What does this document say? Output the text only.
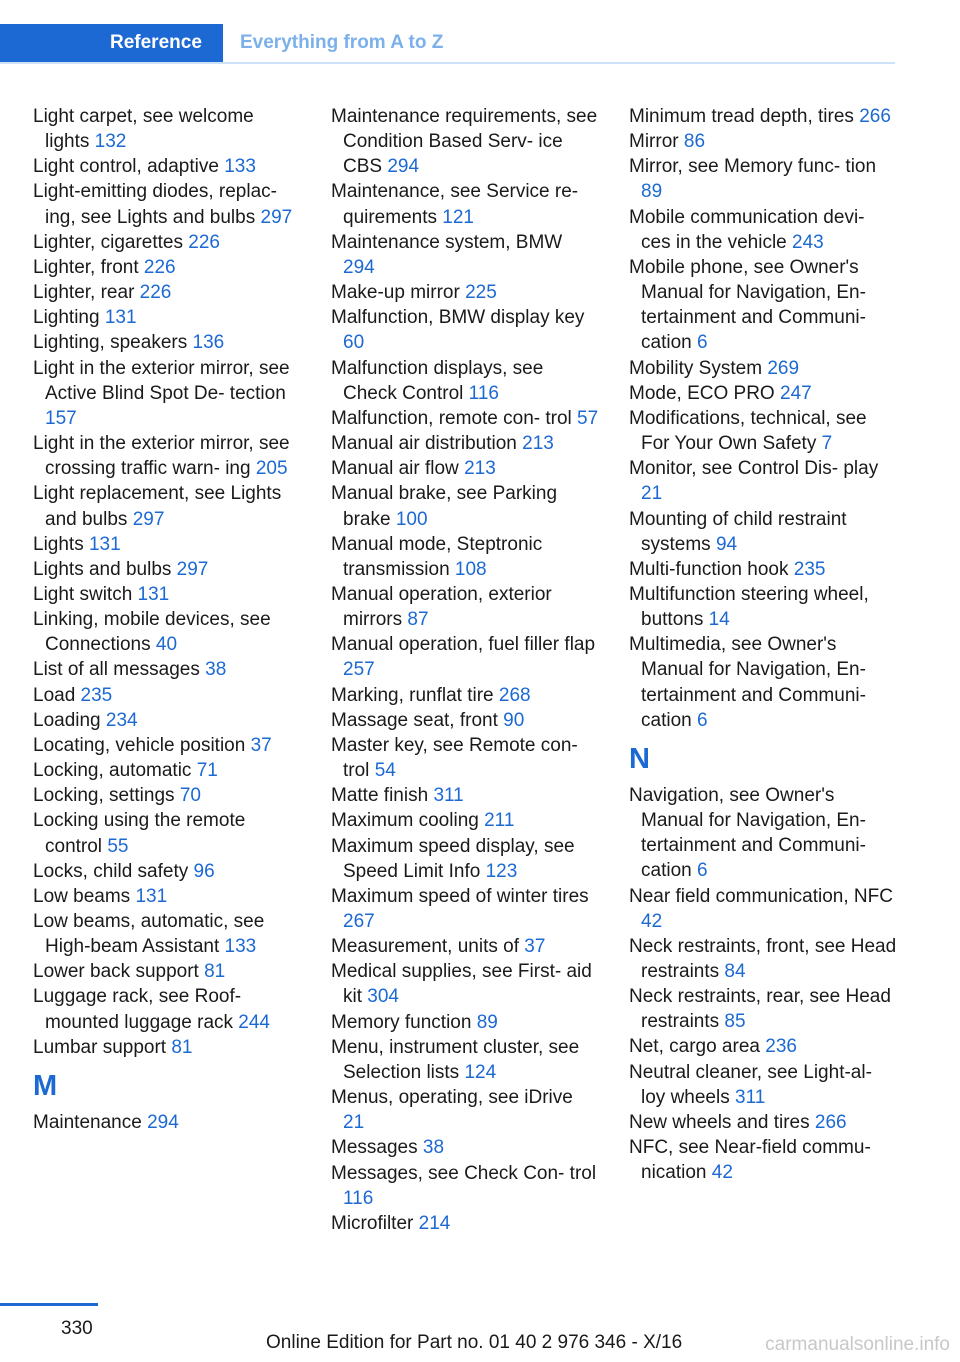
Reference	Everything from A to Z
Light carpet, see welcome lights 132
Light control, adaptive 133
Light-emitting diodes, replac‐ ing, see Lights and bulbs 297
Lighter, cigarettes 226
Lighter, front 226
Lighter, rear 226
Lighting 131
Lighting, speakers 136
Light in the exterior mirror, see Active Blind Spot De‐ tection 157
Light in the exterior mirror, see crossing traffic warn‐ ing 205
Light replacement, see Lights and bulbs 297
Lights 131
Lights and bulbs 297
Light switch 131
Linking, mobile devices, see Connections 40
List of all messages 38
Load 235
Loading 234
Locating, vehicle position 37
Locking, automatic 71
Locking, settings 70
Locking using the remote control 55
Locks, child safety 96
Low beams 131
Low beams, automatic, see High-beam Assistant 133
Lower back support 81
Luggage rack, see Roof- mounted luggage rack 244
Lumbar support 81
M
Maintenance 294
Maintenance requirements, see Condition Based Serv‐ ice CBS 294
Maintenance, see Service re‐ quirements 121
Maintenance system, BMW 294
Make-up mirror 225
Malfunction, BMW display key 60
Malfunction displays, see Check Control 116
Malfunction, remote con‐ trol 57
Manual air distribution 213
Manual air flow 213
Manual brake, see Parking brake 100
Manual mode, Steptronic transmission 108
Manual operation, exterior mirrors 87
Manual operation, fuel filler flap 257
Marking, runflat tire 268
Massage seat, front 90
Master key, see Remote con‐ trol 54
Matte finish 311
Maximum cooling 211
Maximum speed display, see Speed Limit Info 123
Maximum speed of winter tires 267
Measurement, units of 37
Medical supplies, see First- aid kit 304
Memory function 89
Menu, instrument cluster, see Selection lists 124
Menus, operating, see iDrive 21
Messages 38
Messages, see Check Con‐ trol 116
Microfilter 214
Minimum tread depth, tires 266
Mirror 86
Mirror, see Memory func‐ tion 89
Mobile communication devi‐ ces in the vehicle 243
Mobile phone, see Owner's Manual for Navigation, En‐ tertainment and Communi‐ cation 6
Mobility System 269
Mode, ECO PRO 247
Modifications, technical, see For Your Own Safety 7
Monitor, see Control Dis‐ play 21
Mounting of child restraint systems 94
Multi-function hook 235
Multifunction steering wheel, buttons 14
Multimedia, see Owner's Manual for Navigation, En‐ tertainment and Communi‐ cation 6
N
Navigation, see Owner's Manual for Navigation, En‐ tertainment and Communi‐ cation 6
Near field communication, NFC 42
Neck restraints, front, see Head restraints 84
Neck restraints, rear, see Head restraints 85
Net, cargo area 236
Neutral cleaner, see Light-al‐ loy wheels 311
New wheels and tires 266
NFC, see Near-field commu‐ nication 42
330
Online Edition for Part no. 01 40 2 976 346 - X/16	carmanualsonline.info
